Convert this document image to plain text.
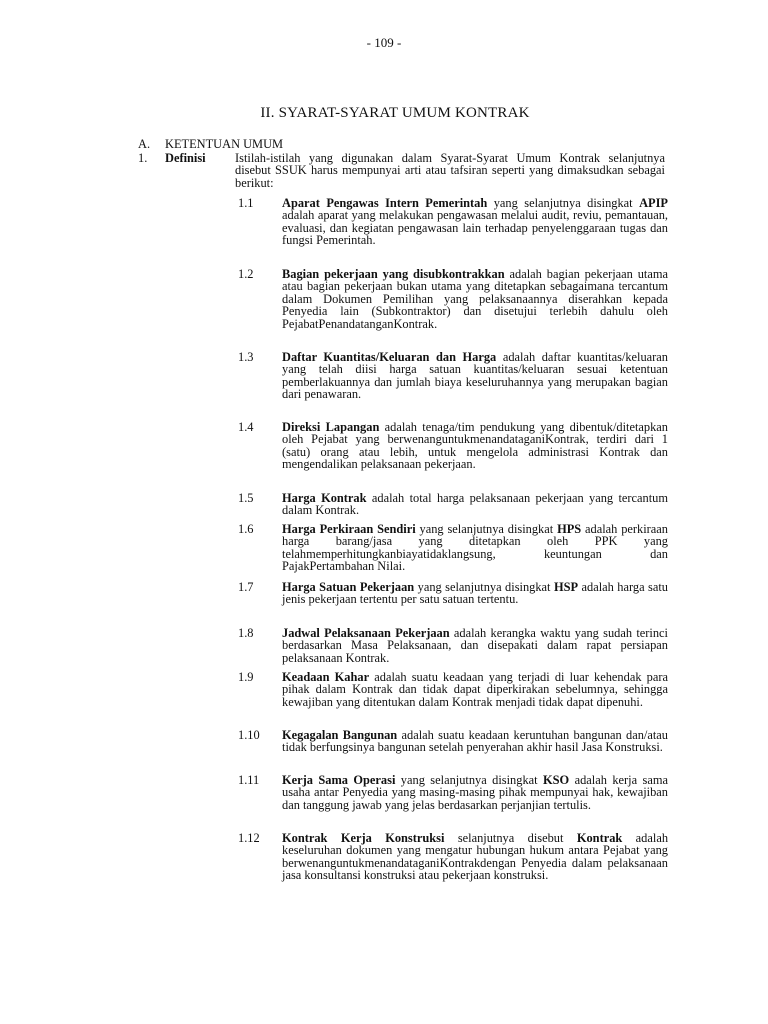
- 109 -
II. SYARAT-SYARAT UMUM KONTRAK
A. KETENTUAN UMUM
1. Definisi Istilah-istilah yang digunakan dalam Syarat-Syarat Umum Kontrak selanjutnya disebut SSUK harus mempunyai arti atau tafsiran seperti yang dimaksudkan sebagai berikut:
1.1 Aparat Pengawas Intern Pemerintah yang selanjutnya disingkat APIP adalah aparat yang melakukan pengawasan melalui audit, reviu, pemantauan, evaluasi, dan kegiatan pengawasan lain terhadap penyelenggaraan tugas dan fungsi Pemerintah.
1.2 Bagian pekerjaan yang disubkontrakkan adalah bagian pekerjaan utama atau bagian pekerjaan bukan utama yang ditetapkan sebagaimana tercantum dalam Dokumen Pemilihan yang pelaksanaannya diserahkan kepada Penyedia lain (Subkontraktor) dan disetujui terlebih dahulu oleh PejabatPenandatanganKontrak.
1.3 Daftar Kuantitas/Keluaran dan Harga adalah daftar kuantitas/keluaran yang telah diisi harga satuan kuantitas/keluaran sesuai ketentuan pemberlakuannya dan jumlah biaya keseluruhannya yang merupakan bagian dari penawaran.
1.4 Direksi Lapangan adalah tenaga/tim pendukung yang dibentuk/ditetapkan oleh Pejabat yang berwenanguntukmenandataganiKontrak, terdiri dari 1 (satu) orang atau lebih, untuk mengelola administrasi Kontrak dan mengendalikan pelaksanaan pekerjaan.
1.5 Harga Kontrak adalah total harga pelaksanaan pekerjaan yang tercantum dalam Kontrak.
1.6 Harga Perkiraan Sendiri yang selanjutnya disingkat HPS adalah perkiraan harga barang/jasa yang ditetapkan oleh PPK yang telahmemperhitungkanbiayatidaklangsung, keuntungan dan PajakPertambahan Nilai.
1.7 Harga Satuan Pekerjaan yang selanjutnya disingkat HSP adalah harga satu jenis pekerjaan tertentu per satu satuan tertentu.
1.8 Jadwal Pelaksanaan Pekerjaan adalah kerangka waktu yang sudah terinci berdasarkan Masa Pelaksanaan, dan disepakati dalam rapat persiapan pelaksanaan Kontrak.
1.9 Keadaan Kahar adalah suatu keadaan yang terjadi di luar kehendak para pihak dalam Kontrak dan tidak dapat diperkirakan sebelumnya, sehingga kewajiban yang ditentukan dalam Kontrak menjadi tidak dapat dipenuhi.
1.10 Kegagalan Bangunan adalah suatu keadaan keruntuhan bangunan dan/atau tidak berfungsinya bangunan setelah penyerahan akhir hasil Jasa Konstruksi.
1.11 Kerja Sama Operasi yang selanjutnya disingkat KSO adalah kerja sama usaha antar Penyedia yang masing-masing pihak mempunyai hak, kewajiban dan tanggung jawab yang jelas berdasarkan perjanjian tertulis.
1.12 Kontrak Kerja Konstruksi selanjutnya disebut Kontrak adalah keseluruhan dokumen yang mengatur hubungan hukum antara Pejabat yang berwenanguntukmenandataganiKontrakdengan Penyedia dalam pelaksanaan jasa konsultansi konstruksi atau pekerjaan konstruksi.
